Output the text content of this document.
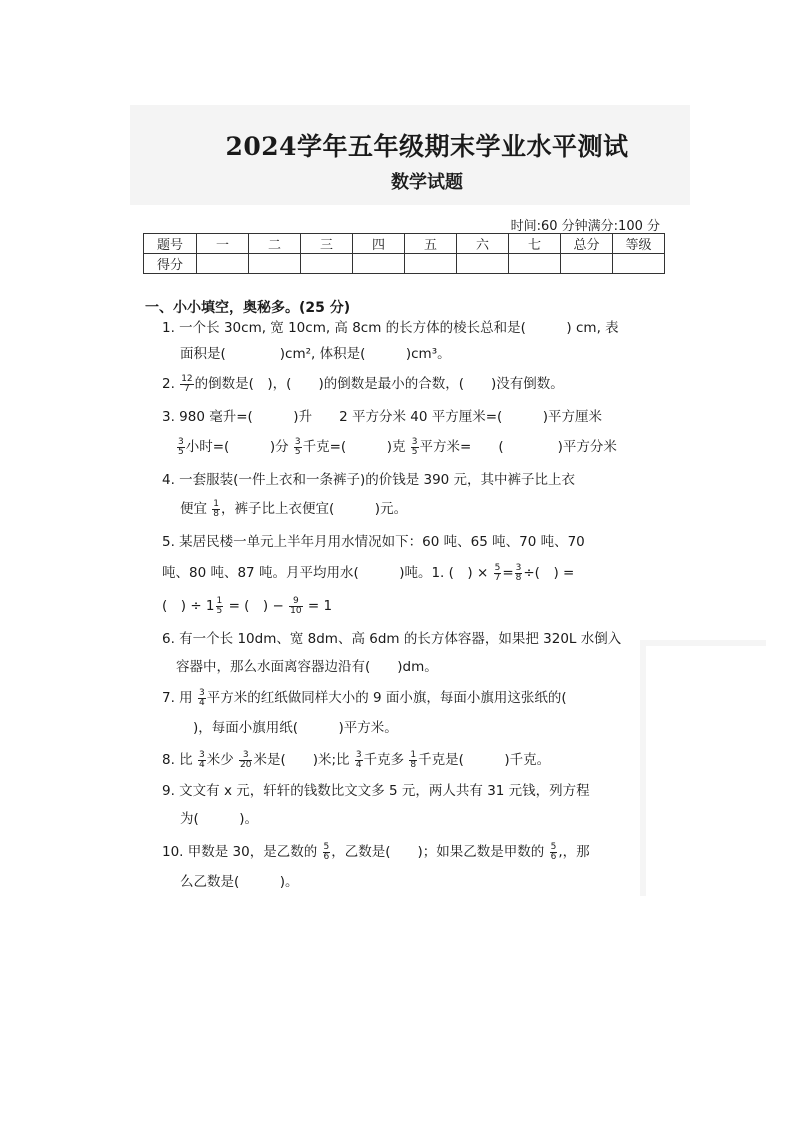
2024学年五年级期末学业水平测试
数学试题
时间:60 分钟满分:100 分
题号	一	二	三	四	五	六	七	总分	等级
得分									
一、小小填空，奥秘多。(25 分)
1. 一个长 30cm, 宽 10cm, 高 8cm 的长方体的棱长总和是(　　　) cm, 表
面积是(　　　　)cm², 体积是(　　　)cm³。
2. $\frac{12}{7}$ 的倒数是(　)，(　　)的倒数是最小的合数，(　　)没有倒数。
3. 980 毫升=(　　　)升　　2 平方分米 40 平方厘米=(　　　)平方厘米
$\frac{3}{5}$ 小时=(　　　)分 $\frac{3}{5}$ 千克=(　　　)克 $\frac{3}{5}$ 平方米=　　(　　　　)平方分米
4. 一套服装(一件上衣和一条裤子)的价钱是 390 元，其中裤子比上衣
便宜 $\frac{1}{8}$ ，裤子比上衣便宜(　　　)元。
5. 某居民楼一单元上半年月用水情况如下：60 吨、65 吨、70 吨、70
吨、80 吨、87 吨。月平均用水(　　　)吨。1. (　) × $\frac{5}{7} = \frac{3}{8}$ ÷(　) =
(　) ÷ $1 \frac{1}{5}$ = (　) − $\frac{9}{10} = 1$
6. 有一个长 10dm、宽 8dm、高 6dm 的长方体容器，如果把 320L 水倒入
容器中，那么水面离容器边沿有(　　)dm。
7. 用 $\frac{3}{4}$ 平方米的红纸做同样大小的 9 面小旗，每面小旗用这张纸的(
)，每面小旗用纸(　　　)平方米。
8. 比 $\frac{3}{4}$ 米少 $\frac{3}{20}$ 米是(　　)米;比 $\frac{3}{4}$ 千克多 $\frac{1}{8}$ 千克是(　　　)千克。
9. 文文有 x 元，轩轩的钱数比文文多 5 元，两人共有 31 元钱，列方程
为(　　　)。
10. 甲数是 30，是乙数的 $\frac{5}{6}$ ，乙数是(　　)；如果乙数是甲数的 $\frac{5}{6}$ ,，那
么乙数是(　　　)。
